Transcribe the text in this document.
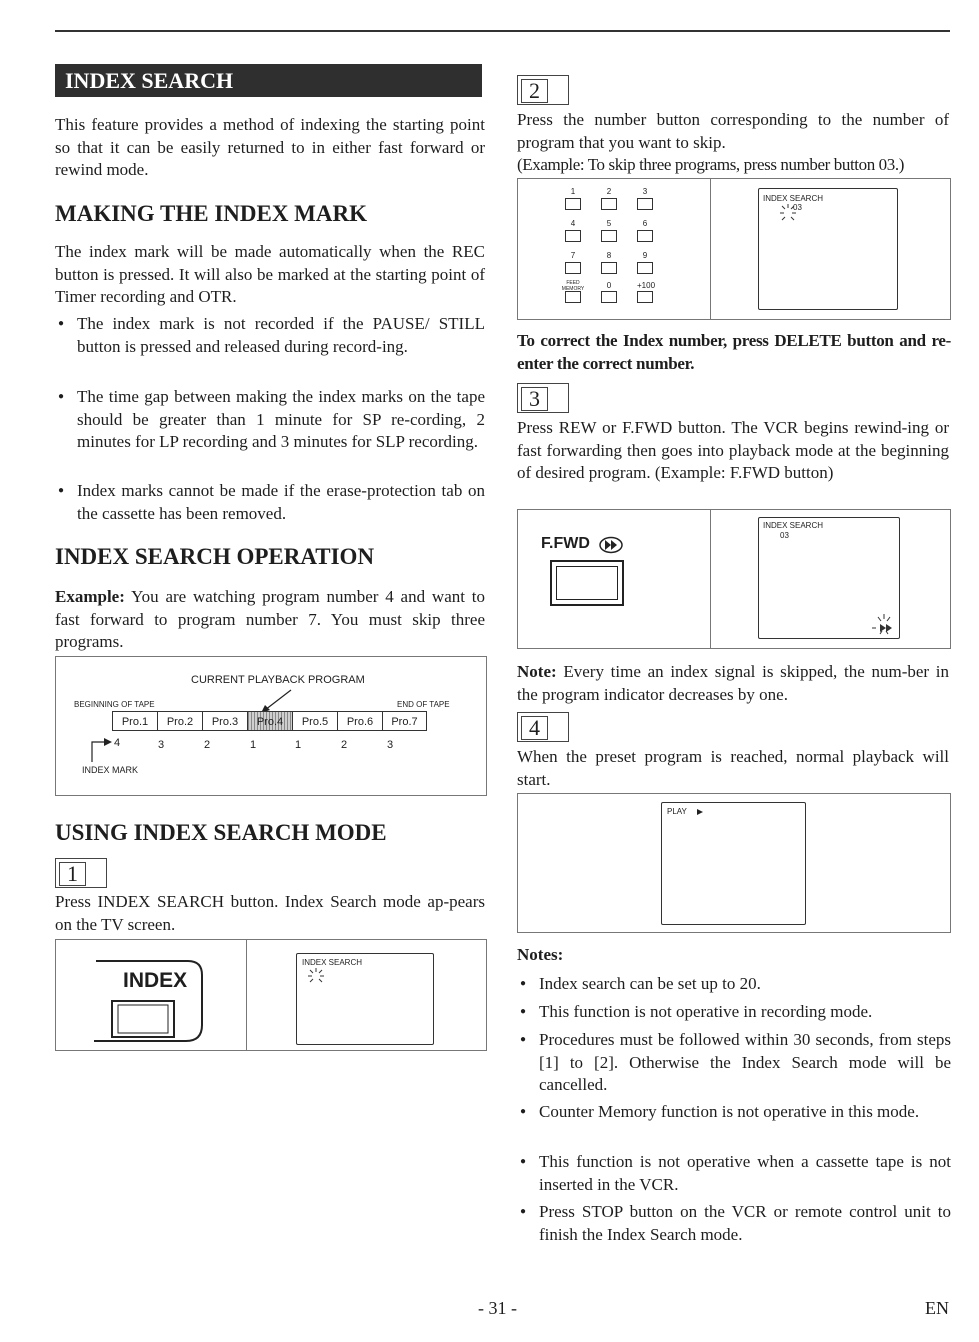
INDEX SEARCH

This feature provides a method of indexing the starting point so that it can be easily returned to in either fast forward or rewind mode.

MAKING THE INDEX MARK

The index mark will be made automatically when the REC button is pressed. It will also be marked at the starting point of Timer recording and OTR.

● The index mark is not recorded if the PAUSE/ STILL button is pressed and released during record-ing.

● The time gap between making the index marks on the tape should be greater than 1 minute for SP re-cording, 2 minutes for LP recording and 3 minutes for SLP recording.

● Index marks cannot be made if the erase-protection tab on the cassette has been removed.

INDEX SEARCH OPERATION

Example: You are watching program number 4 and want to fast forward to program number 7. You must skip three programs.

CURRENT PLAYBACK PROGRAM
BEGINNING OF TAPE	END OF TAPE
Pro.1	Pro.2	Pro.3	Pro.4	Pro.5	Pro.6	Pro.7
4	3	2	1	1	2	3
INDEX MARK
USING INDEX SEARCH MODE
1

Press INDEX SEARCH button. Index Search mode ap-pears on the TV screen.

INDEX
INDEX SEARCH
2

Press the number button corresponding to the number of program that you want to skip.

(Example: To skip three programs, press number button 03.)

1	2	3
4	5	6
7	8	9
FEED MEMORY	0	+100
INDEX SEARCH
03

To correct the Index number, press DELETE button and re-enter the correct number.

3

Press REW or F.FWD button. The VCR begins rewind-ing or fast forwarding then goes into playback mode at the beginning of desired program. (Example: F.FWD button)

F.FWD
INDEX SEARCH
03

Note: Every time an index signal is skipped, the num-ber in the program indicator decreases by one.

4

When the preset program is reached, normal playback will start.

PLAY
Notes:

● Index search can be set up to 20.

● This function is not operative in recording mode.

● Procedures must be followed within 30 seconds, from steps [1] to [2]. Otherwise the Index Search mode will be cancelled.

● Counter Memory function is not operative in this mode.

● This function is not operative when a cassette tape is not inserted in the VCR.

● Press STOP button on the VCR or remote control unit to finish the Index Search mode.

- 31 -	EN
